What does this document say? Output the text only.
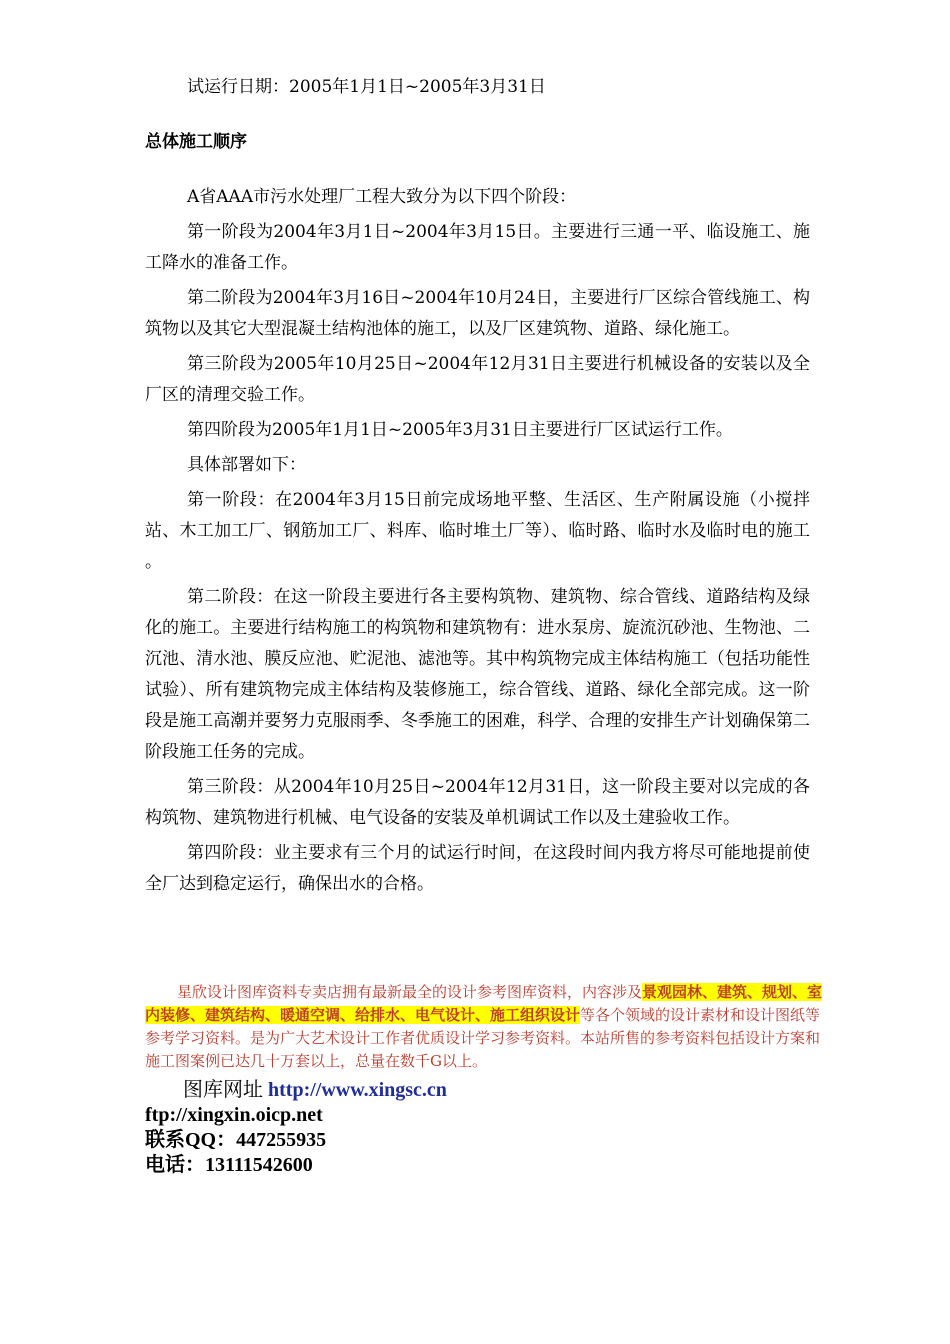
试运行日期：2005年1月1日~2005年3月31日

总体施工顺序

A省AAA市污水处理厂工程大致分为以下四个阶段：

第一阶段为2004年3月1日~2004年3月15日。主要进行三通一平、临设施工、施工降水的准备工作。

第二阶段为2004年3月16日~2004年10月24日，主要进行厂区综合管线施工、构筑物以及其它大型混凝土结构池体的施工，以及厂区建筑物、道路、绿化施工。

第三阶段为2005年10月25日~2004年12月31日主要进行机械设备的安装以及全厂区的清理交验工作。

第四阶段为2005年1月1日~2005年3月31日主要进行厂区试运行工作。

具体部署如下：

第一阶段：在2004年3月15日前完成场地平整、生活区、生产附属设施（小搅拌站、木工加工厂、钢筋加工厂、料库、临时堆土厂等）、临时路、临时水及临时电的施工 。

第二阶段：在这一阶段主要进行各主要构筑物、建筑物、综合管线、道路结构及绿化的施工。主要进行结构施工的构筑物和建筑物有：进水泵房、旋流沉砂池、生物池、二沉池、清水池、膜反应池、贮泥池、滤池等。其中构筑物完成主体结构施工（包括功能性试验）、所有建筑物完成主体结构及装修施工，综合管线、道路、绿化全部完成。这一阶段是施工高潮并要努力克服雨季、冬季施工的困难，科学、合理的安排生产计划确保第二阶段施工任务的完成。

第三阶段：从2004年10月25日~2004年12月31日，这一阶段主要对以完成的各构筑物、建筑物进行机械、电气设备的安装及单机调试工作以及土建验收工作。

第四阶段：业主要求有三个月的试运行时间，在这段时间内我方将尽可能地提前使全厂达到稳定运行，确保出水的合格。

星欣设计图库资料专卖店拥有最新最全的设计参考图库资料，内容涉及景观园林、建筑、规划、室内装修、建筑结构、暖通空调、给排水、电气设计、施工组织设计等各个领域的设计素材和设计图纸等参考学习资料。是为广大艺术设计工作者优质设计学习参考资料。本站所售的参考资料包括设计方案和施工图案例已达几十万套以上，总量在数千G以上。

图库网址 http://www.xingsc.cn
ftp://xingxin.oicp.net
联系QQ：447255935
电话：13111542600
